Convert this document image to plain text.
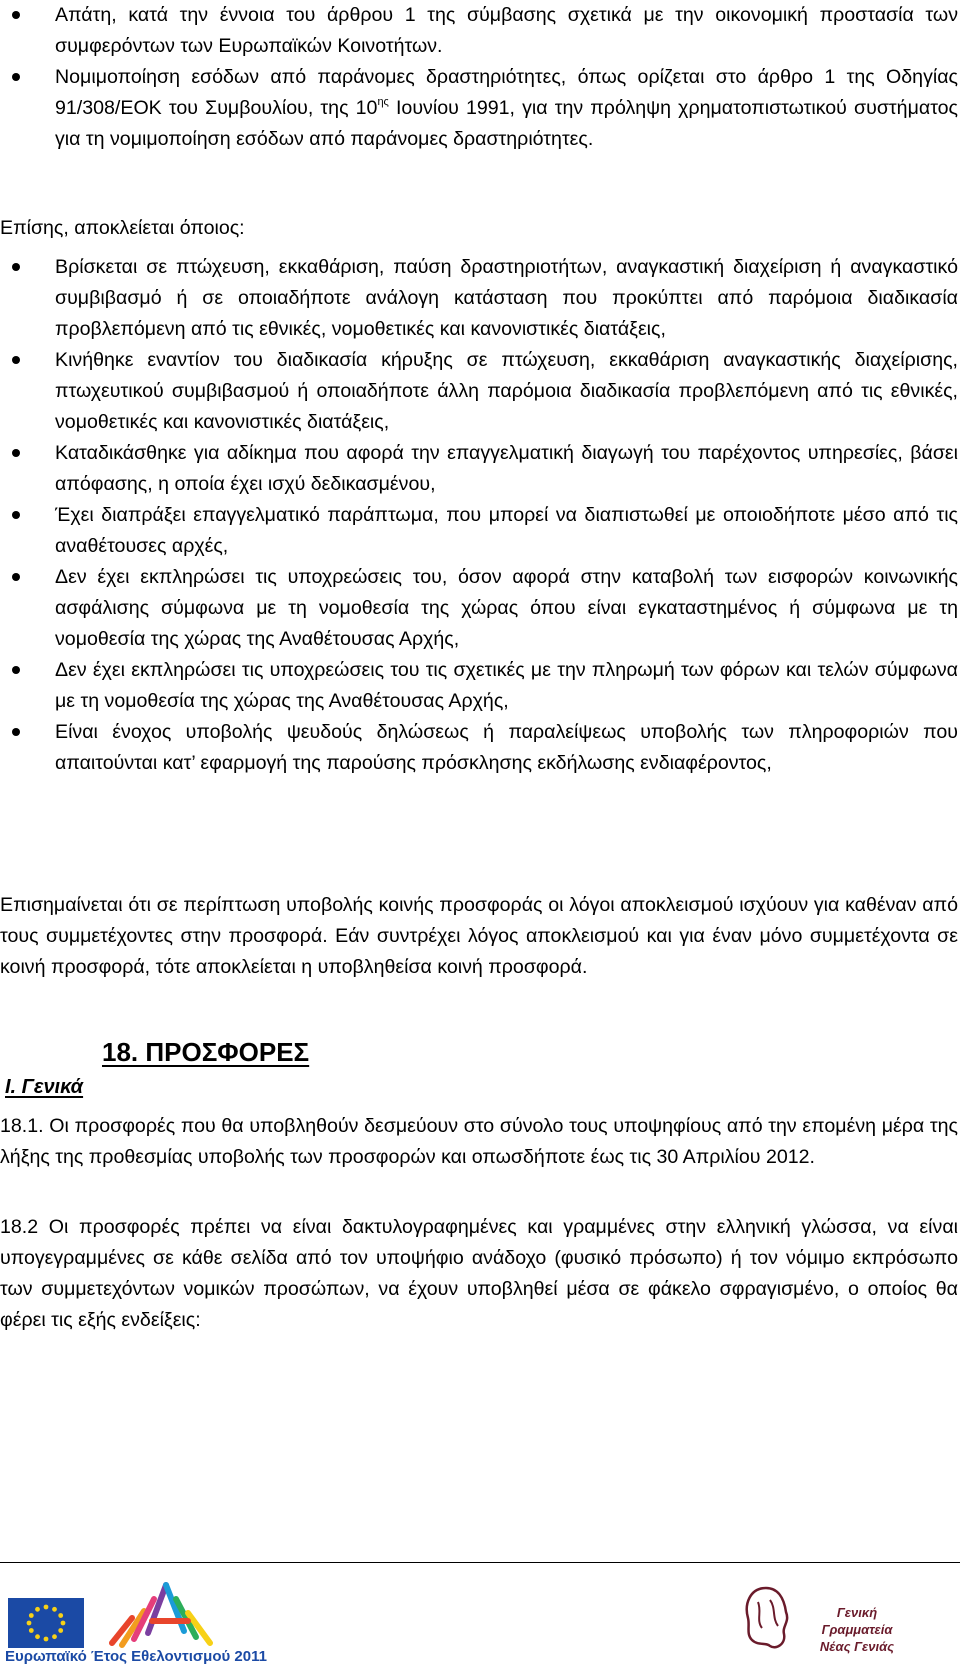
Απάτη, κατά την έννοια του άρθρου 1 της σύμβασης σχετικά με την οικονομική προστασία των συμφερόντων των Ευρωπαϊκών Κοινοτήτων.
Νομιμοποίηση εσόδων από παράνομες δραστηριότητες, όπως ορίζεται στο άρθρο 1 της Οδηγίας 91/308/ΕΟΚ του Συμβουλίου, της $10^{\eta\varsigma}$ Ιουνίου 1991, για την πρόληψη χρηματοπιστωτικού συστήματος για τη νομιμοποίηση εσόδων από παράνομες δραστηριότητες.
Επίσης, αποκλείεται όποιος:
Βρίσκεται σε πτώχευση, εκκαθάριση, παύση δραστηριοτήτων, αναγκαστική διαχείριση ή αναγκαστικό συμβιβασμό ή σε οποιαδήποτε ανάλογη κατάσταση που προκύπτει από παρόμοια διαδικασία προβλεπόμενη από τις εθνικές, νομοθετικές και κανονιστικές διατάξεις,
Κινήθηκε εναντίον του διαδικασία κήρυξης σε πτώχευση, εκκαθάριση αναγκαστικής διαχείρισης, πτωχευτικού συμβιβασμού ή οποιαδήποτε άλλη παρόμοια διαδικασία προβλεπόμενη από τις εθνικές, νομοθετικές και κανονιστικές διατάξεις,
Καταδικάσθηκε για αδίκημα που αφορά την επαγγελματική διαγωγή του παρέχοντος υπηρεσίες, βάσει απόφασης, η οποία έχει ισχύ δεδικασμένου,
Έχει διαπράξει επαγγελματικό παράπτωμα, που μπορεί να διαπιστωθεί με οποιοδήποτε μέσο από τις αναθέτουσες αρχές,
Δεν έχει εκπληρώσει τις υποχρεώσεις του, όσον αφορά στην καταβολή των εισφορών κοινωνικής ασφάλισης σύμφωνα με τη νομοθεσία της χώρας όπου είναι εγκαταστημένος ή σύμφωνα με τη νομοθεσία της χώρας της Αναθέτουσας Αρχής,
Δεν έχει εκπληρώσει τις υποχρεώσεις του τις σχετικές με την πληρωμή των φόρων και τελών σύμφωνα με τη νομοθεσία της χώρας της Αναθέτουσας Αρχής,
Είναι ένοχος υποβολής ψευδούς δηλώσεως ή παραλείψεως υποβολής των πληροφοριών που απαιτούνται κατ’ εφαρμογή της παρούσης πρόσκλησης εκδήλωσης ενδιαφέροντος,
Επισημαίνεται ότι σε περίπτωση υποβολής κοινής προσφοράς οι λόγοι αποκλεισμού ισχύουν για καθέναν από τους συμμετέχοντες στην προσφορά. Εάν συντρέχει λόγος αποκλεισμού και για έναν μόνο συμμετέχοντα σε κοινή προσφορά, τότε αποκλείεται η υποβληθείσα κοινή προσφορά.
18. ΠΡΟΣΦΟΡΕΣ
I. Γενικά
18.1. Οι προσφορές που θα υποβληθούν δεσμεύουν στο σύνολο τους υποψηφίους από την επομένη μέρα της λήξης της προθεσμίας υποβολής των προσφορών και οπωσδήποτε έως τις 30 Απριλίου 2012.
18.2 Οι προσφορές πρέπει να είναι δακτυλογραφημένες και γραμμένες στην ελληνική γλώσσα, να είναι υπογεγραμμένες σε κάθε σελίδα από τον υποψήφιο ανάδοχο (φυσικό πρόσωπο) ή τον νόμιμο εκπρόσωπο των συμμετεχόντων νομικών προσώπων, να έχουν υποβληθεί μέσα σε φάκελο σφραγισμένο, ο οποίος θα φέρει τις εξής ενδείξεις:
Ευρωπαϊκό Έτος Εθελοντισμού 2011
Γενική Γραμματεία
Νέας Γενιάς
